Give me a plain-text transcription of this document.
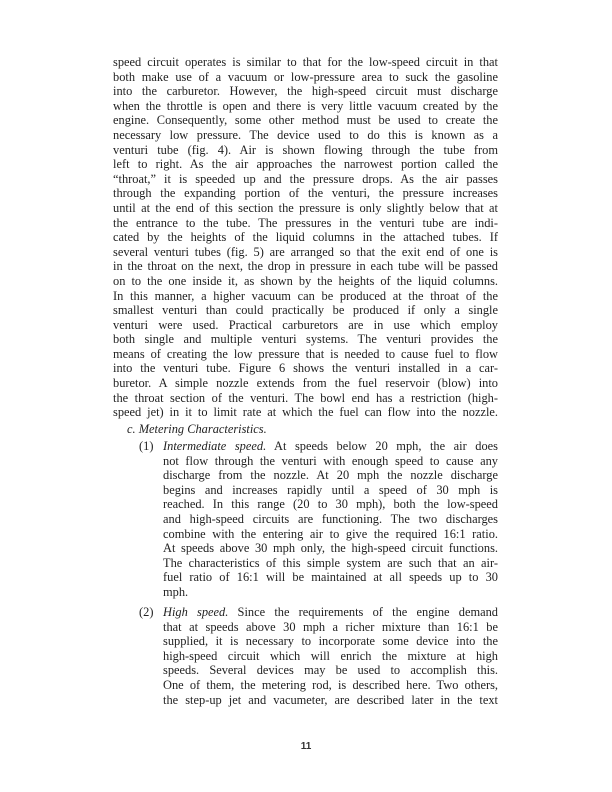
speed circuit operates is similar to that for the low-speed circuit in that
both make use of a vacuum or low-pressure area to suck the gasoline
into the carburetor. However, the high-speed circuit must discharge
when the throttle is open and there is very little vacuum created by the
engine. Consequently, some other method must be used to create the
necessary low pressure. The device used to do this is known as a
venturi tube (fig. 4). Air is shown flowing through the tube from
left to right. As the air approaches the narrowest portion called the
“throat,” it is speeded up and the pressure drops. As the air passes
through the expanding portion of the venturi, the pressure increases
until at the end of this section the pressure is only slightly below that at
the entrance to the tube. The pressures in the venturi tube are indi-
cated by the heights of the liquid columns in the attached tubes. If
several venturi tubes (fig. 5) are arranged so that the exit end of one is
in the throat on the next, the drop in pressure in each tube will be passed
on to the one inside it, as shown by the heights of the liquid columns.
In this manner, a higher vacuum can be produced at the throat of the
smallest venturi than could practically be produced if only a single
venturi were used. Practical carburetors are in use which employ
both single and multiple venturi systems. The venturi provides the
means of creating the low pressure that is needed to cause fuel to flow
into the venturi tube. Figure 6 shows the venturi installed in a car-
buretor. A simple nozzle extends from the fuel reservoir (blow) into
the throat section of the venturi. The bowl end has a restriction (high-
speed jet) in it to limit rate at which the fuel can flow into the nozzle.
c. Metering Characteristics.
(1) Intermediate speed. At speeds below 20 mph, the air does
not flow through the venturi with enough speed to cause any
discharge from the nozzle. At 20 mph the nozzle discharge
begins and increases rapidly until a speed of 30 mph is
reached. In this range (20 to 30 mph), both the low-speed
and high-speed circuits are functioning. The two discharges
combine with the entering air to give the required 16:1 ratio.
At speeds above 30 mph only, the high-speed circuit functions.
The characteristics of this simple system are such that an air-
fuel ratio of 16:1 will be maintained at all speeds up to 30
mph.
(2) High speed. Since the requirements of the engine demand
that at speeds above 30 mph a richer mixture than 16:1 be
supplied, it is necessary to incorporate some device into the
high-speed circuit which will enrich the mixture at high
speeds. Several devices may be used to accomplish this.
One of them, the metering rod, is described here. Two others,
the step-up jet and vacumeter, are described later in the text
11
